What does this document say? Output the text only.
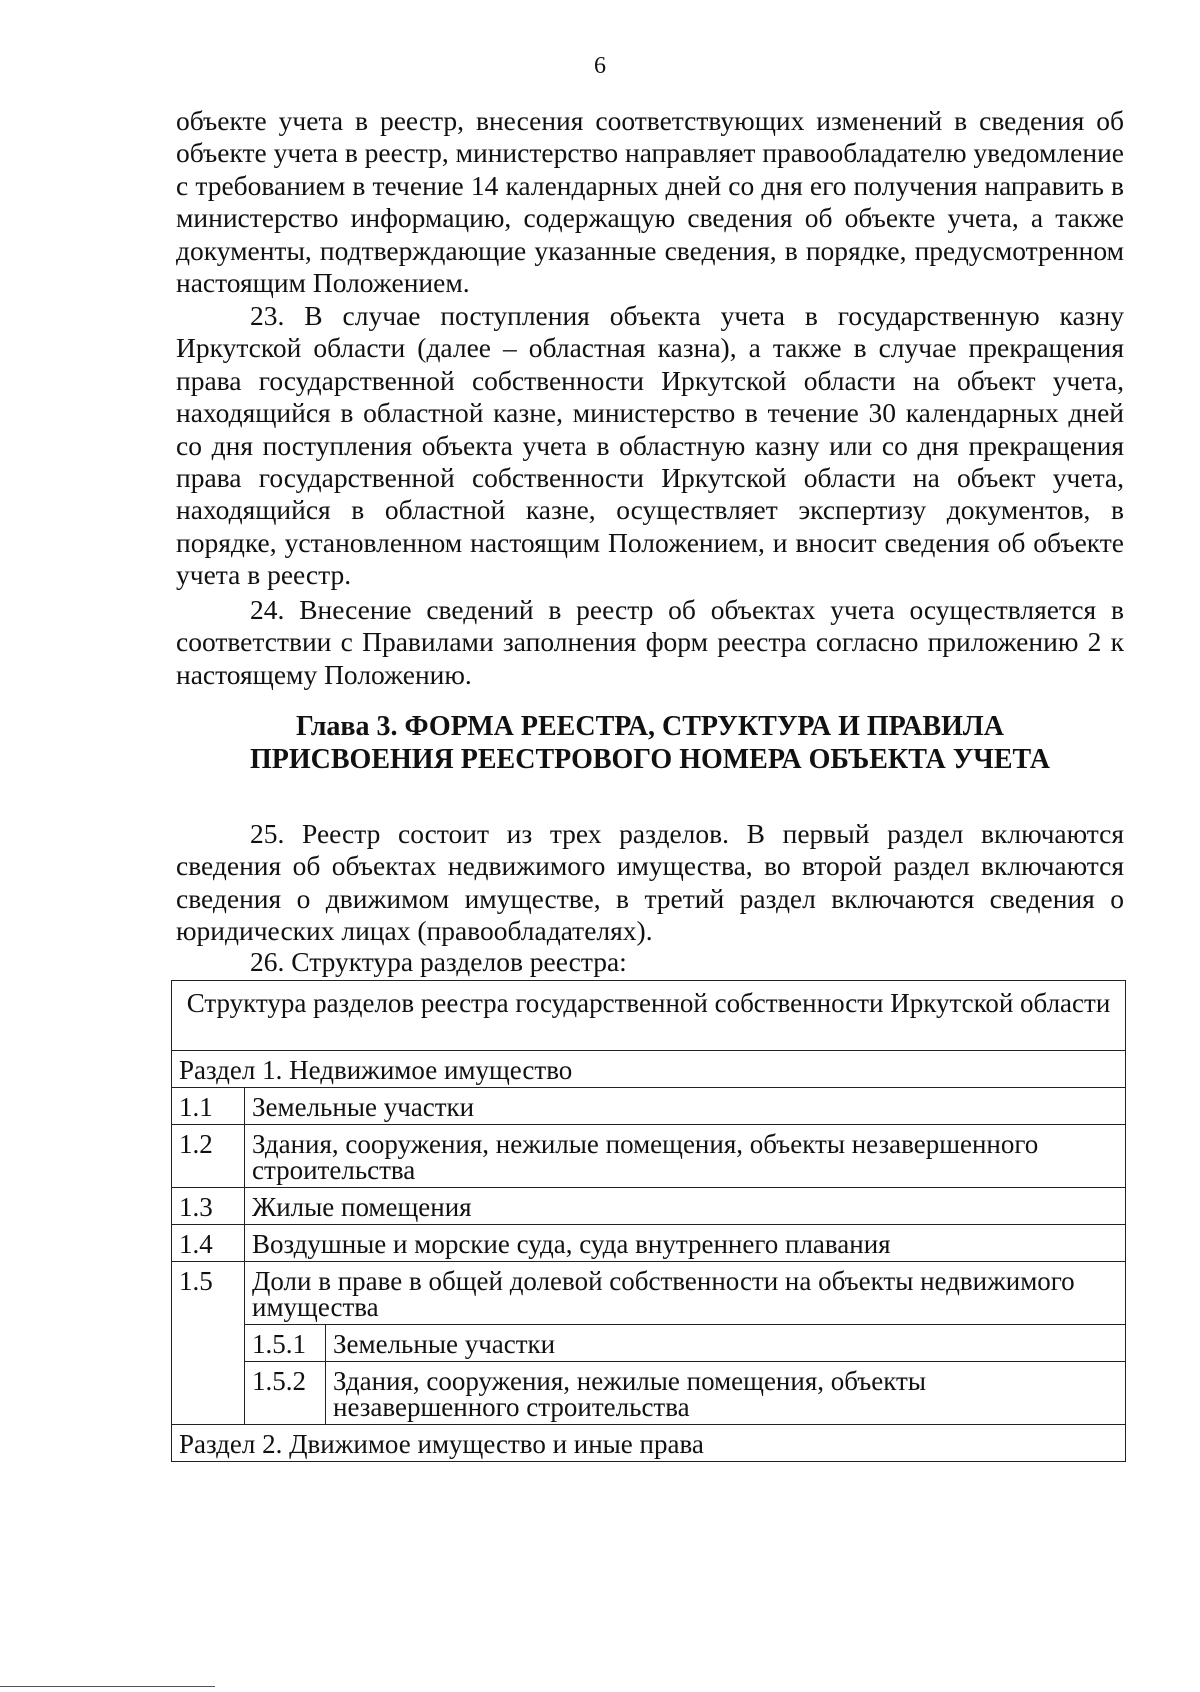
6

объекте учета в реестр, внесения соответствующих изменений в сведения об объекте учета в реестр, министерство направляет правообладателю уведомление с требованием в течение 14 календарных дней со дня его получения направить в министерство информацию, содержащую сведения об объекте учета, а также документы, подтверждающие указанные сведения, в порядке, предусмотренном настоящим Положением.

23. В случае поступления объекта учета в государственную казну Иркутской области (далее – областная казна), а также в случае прекращения права государственной собственности Иркутской области на объект учета, находящийся в областной казне, министерство в течение 30 календарных дней со дня поступления объекта учета в областную казну или со дня прекращения права государственной собственности Иркутской области на объект учета, находящийся в областной казне, осуществляет экспертизу документов, в порядке, установленном настоящим Положением, и вносит сведения об объекте учета в реестр.

24. Внесение сведений в реестр об объектах учета осуществляется в соответствии с Правилами заполнения форм реестра согласно приложению 2 к настоящему Положению.

Глава 3. ФОРМА РЕЕСТРА, СТРУКТУРА И ПРАВИЛА
ПРИСВОЕНИЯ РЕЕСТРОВОГО НОМЕРА ОБЪЕКТА УЧЕТА

25. Реестр состоит из трех разделов. В первый раздел включаются сведения об объектах недвижимого имущества, во второй раздел включаются сведения о движимом имуществе, в третий раздел включаются сведения о юридических лицах (правообладателях).

26. Структура разделов реестра:
Структура разделов реестра государственной собственности Иркутской области		
Раздел 1. Недвижимое имущество		
1.1	Земельные участки	
1.2	Здания, сооружения, нежилые помещения, объекты незавершенного строительства	
1.3	Жилые помещения	
1.4	Воздушные и морские суда, суда внутреннего плавания	
1.5	Доли в праве в общей долевой собственности на объекты недвижимого имущества	
	1.5.1	Земельные участки
	1.5.2	Здания, сооружения, нежилые помещения, объекты незавершенного строительства
Раздел 2. Движимое имущество и иные права		
